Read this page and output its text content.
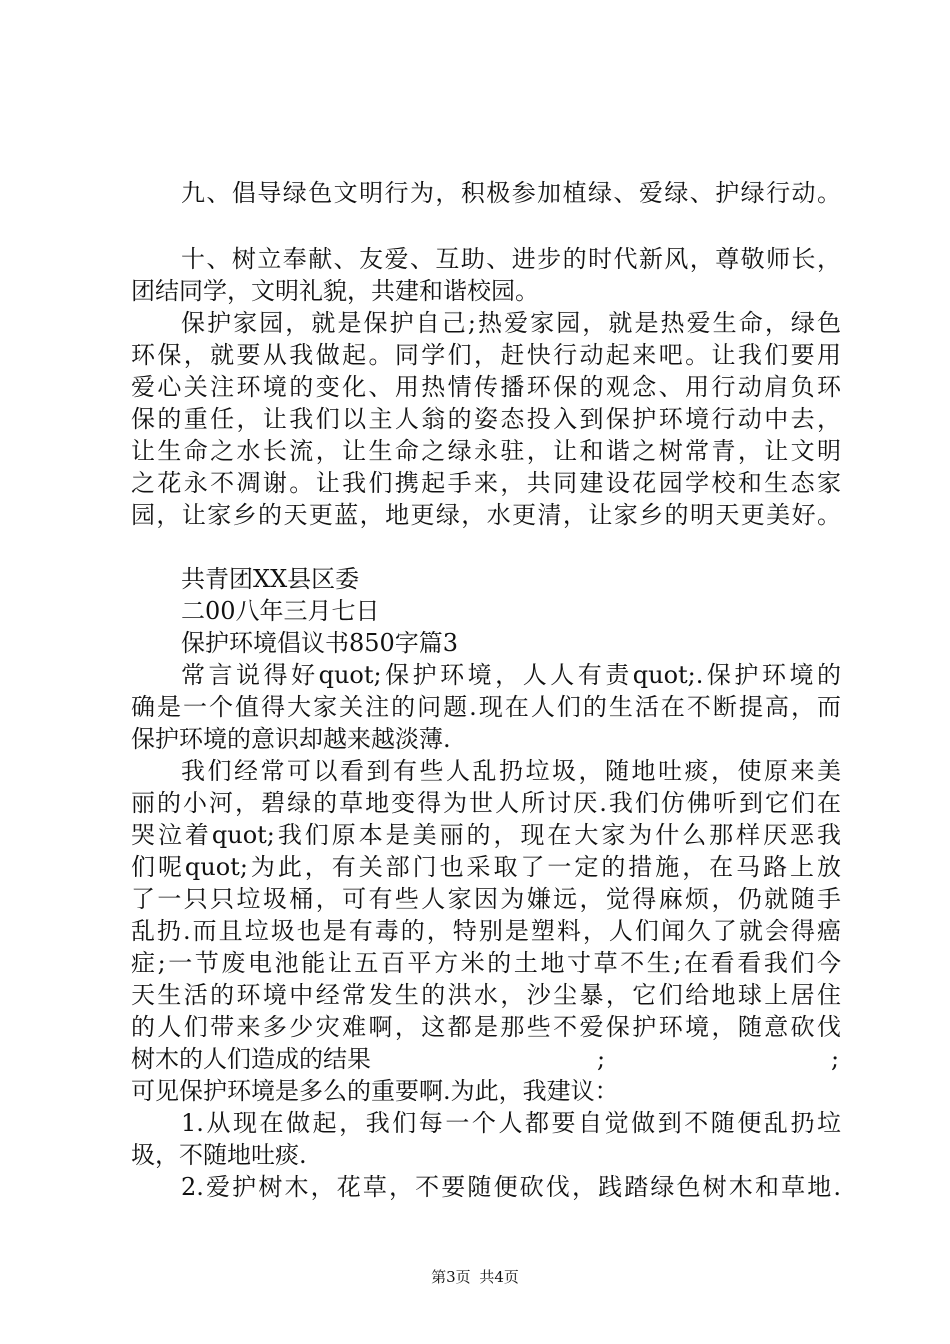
九、倡导绿色文明行为，积极参加植绿、爱绿、护绿行动。
十、树立奉献、友爱、互助、进步的时代新风，尊敬师长，
团结同学，文明礼貌，共建和谐校园。
保护家园，就是保护自己;热爱家园，就是热爱生命，绿色
环保，就要从我做起。同学们，赶快行动起来吧。让我们要用
爱心关注环境的变化、用热情传播环保的观念、用行动肩负环
保的重任，让我们以主人翁的姿态投入到保护环境行动中去，
让生命之水长流，让生命之绿永驻，让和谐之树常青，让文明
之花永不凋谢。让我们携起手来，共同建设花园学校和生态家
园，让家乡的天更蓝，地更绿，水更清，让家乡的明天更美好。
共青团XX县区委
二00八年三月七日
保护环境倡议书850字篇3
常言说得好quot;保护环境，人人有责quot;.保护环境的
确是一个值得大家关注的问题.现在人们的生活在不断提高，而
保护环境的意识却越来越淡薄.
我们经常可以看到有些人乱扔垃圾，随地吐痰，使原来美
丽的小河，碧绿的草地变得为世人所讨厌.我们仿佛听到它们在
哭泣着quot;我们原本是美丽的，现在大家为什么那样厌恶我
们呢quot;为此，有关部门也采取了一定的措施，在马路上放
了一只只垃圾桶，可有些人家因为嫌远，觉得麻烦，仍就随手
乱扔.而且垃圾也是有毒的，特别是塑料，人们闻久了就会得癌
症;一节废电池能让五百平方米的土地寸草不生;在看看我们今
天生活的环境中经常发生的洪水，沙尘暴，它们给地球上居住
的人们带来多少灾难啊，这都是那些不爱保护环境，随意砍伐
树木的人们造成的结果	;	;
可见保护环境是多么的重要啊.为此，我建议：
1.从现在做起，我们每一个人都要自觉做到不随便乱扔垃
圾，不随地吐痰.
2.爱护树木，花草，不要随便砍伐，践踏绿色树木和草地.
第3页 共4页
